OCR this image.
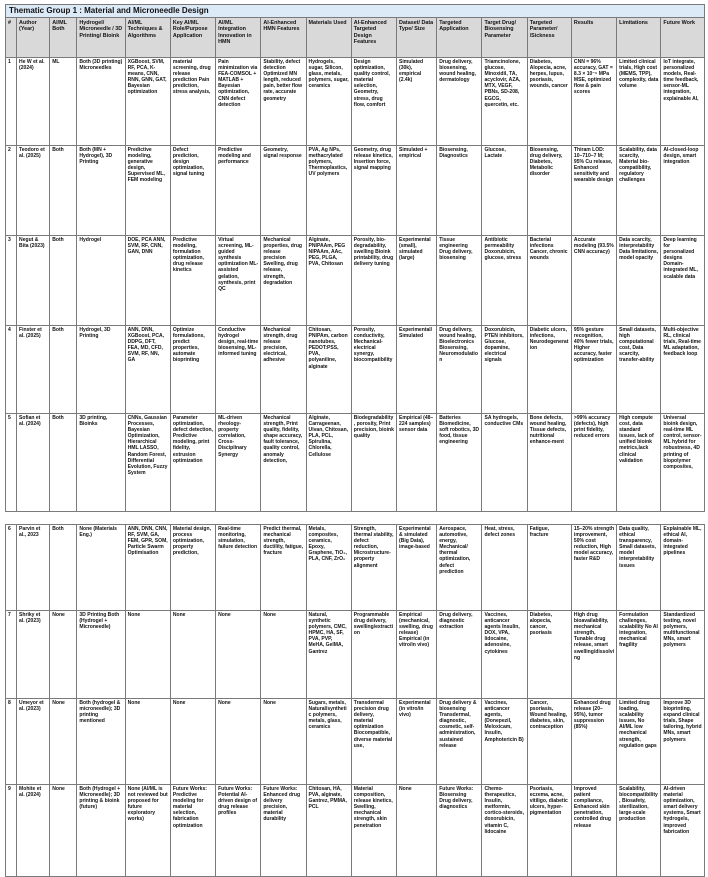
Thematic Group 1 : Material and Microneedle Design																
#	Author (Year)	AI/ML Both	Hydrogel/ Microneedle / 3D Printing/ Bioink	AI/ML Techniques & Algorithms	Key AI/ML Role/Purpose Application	AI/ML Integration Innovation in HMN	AI-Enhanced HMN Features	Materials Used	AI-Enhanced Targeted Design Features	Dataset/ Data Type/ Size	Targeted Application	Target Drug/ Biosensing Parameter	Targeted Parameter/ /Sickness	Results	Limitations	Future Work
1	He W et al. (2024)	ML	Both (3D printing) Microneedles	XGBoost, SVM, RF, PCA, K-means, CNN, RNN, GNN, GAT, Bayesian optimization	material screening, drug release prediction Pain prediction, stress analysis,	Pain minimization via FEA-COMSOL + MATLAB + Bayesian optimization, CNN defect detection	Stability, defect detection Optimized MN length, reduced pain, better flow rate, accurate geometry	Hydrogels, sugar, Silicon, glass, metals, polymers, sugar, ceramics	Design optimization, quality control, material selection, Geometry, stress, drug flow, comfort	Simulated (30k), empirical (2.4k)	Drug delivery, biosensing, wound healing, dermatology	Triamcinolone, glucose, Minoxidil, TA, acyclovir, AZA, MTX, VEGF, PBNs, SD-208, EGCG, quercetin, etc.	Diabetes, Alopecia, acne, herpes, lupus, psoriasis, wounds, cancer	CNN = 96% accuracy, GAT = 8.3 × 10⁻⁶ MPa MSE, optimized flow & pain scores	Limited clinical trials, High cost (MEMS, TPP), complexity, data volume	IoT integrate, personalized models, Real-time feedback, sensor-ML integration, explainable AI,
2	Teodoro et al. (2025)	Both	Both (MN + Hydrogel), 3D Printing	Predictive modeling, generative design, Supervised ML, FEM modeling	Defect prediction, design optimization, signal tuning	Predictive modeling and performance	Geometry, signal response	PVA, Ag NPs, methacrylated polymers, Thermoplastics, UV polymers	Geometry, drug release kinetics, Insertion force, signal mapping	Simulated + empirical	Biosensing, Diagnostics	Glucose, Lactate	Biosensing, drug delivery, Diabetes, Metabolic disorder	Thiram LOD: 10–710–7 M; 95% Cu release, Enhanced sensitivity and wearable design	Scalability, data scarcity, Material bio-compatibility, regulatory challenges	AI-closed-loop design, smart integration
3	Negut & Bita (2023)	Both	Hydrogel	DOE, PCA ANN, SVM, RF, CNN, GAN, DNN	Predictive modeling, formulation optimization, drug release kinetics	Virtual screening, ML-guided synthesis optimization ML-assisted gelation, synthesis, print QC	Mechanical properties, drug release precision Swelling, drug release, strength, degradation	Alginate, PNIPAAm, PEG NIPAAm, AAc, PEG, PLGA, PVA, Chitosan	Porosity, bio-degradability, swelling Bioink printability, drug delivery tuning	Experimental (small), simulated (large)	Tissue engineering Drug delivery, biosensing	Antibiotic permeability Doxorubicin, glucose, stress	Bacterial infections Cancer, chronic wounds	Accurate modeling (93.5% CNN accuracy)	Data scarcity, interpretability Data limitations, model opacity	Deep learning for personalized designs Domain-integrated ML, scalable data
4	Finster et al. (2025)	Both	Hydrogel, 3D Printing	ANN, DNN, XGBoost, PCA, DDPG, DFT, FEA, MD, CFD, SVM, RF, NN, GA	Optimize formulations, predict properties, automate bioprinting	Conductive hydrogel design, real-time biosensing, ML-informed tuning	Mechanical strength, drug release precision, electrical, adhesive	Chitosan, PNIPAm, carbon nanotubes, PEDOT:PSS, PVA, polyaniline, alginate	Porosity, conductivity, Mechanical-electrical synergy, biocompatibility	Experimental/ Simulated	Drug delivery, wound healing, Bioelectronics Biosensing, Neuromodulation	Doxorubicin, PTEN inhibitors, Glucose, dopamine, electrical signals	Diabetic ulcers, infections, Neurodegeneration	95% gesture recognition, 40% fewer trials, Higher accuracy, faster optimization	Small datasets, high computational cost, Data scarcity, transfer-ability	Multi-objective RL, clinical trials, Real-time ML adaptation, feedback loop
5	Sofian et al. (2024)	Both	3D printing, Bioinks	CNNs, Gaussian Processes, Bayesian Optimization, Hierarchical HML LASSO, Random Forest, Differential Evolution, Fuzzy System	Parameter optimization, defect detection, Predictive modeling, print fidelity, extrusion optimization	ML-driven rheology-property correlation, Cross-Disciplinary Synergy	Mechanical strength, Print quality, fidelity, shape accuracy, fault tolerance, quality control, anomaly detection,	Alginate, Carrageenan, Ulvan, Chitosan, PLA, PCL, Spirulina, Chlorella, Cellulose	Biodegradability, porosity, Print precision, bioink quality	Empirical (48–224 samples) sensor data	Batteries Biomedicine, soft robotics, 3D food, tissue engineering	SA hydrogels, conductive CMs	Bone defects, wound healing, Tissue defects, nutritional enhance-ment	>99% accuracy (defects), high print fidelity, reduced errors	High compute cost, data standard issues, lack of unified bioink metrics,lack clinical validation	Universal bioink design, real-time ML control, sensor-ML hybrid for robustness, 4D printing of biopolymer composites,

6	Parvin et al., 2023	Both	None (Materials Eng.)	ANN, DNN, CNN, RF, SVM, GA, FEM, GPR, SOM, Particle Swarm Optimisation	Material design, process optimization, property prediction,	Real-time monitoring, simulation, failure detection	Predict thermal, mechanical strength, ductility, fatigue, fracture	Metals, composites, ceramics, Epoxy, Graphene, TiO₂, PLA, CNF, ZrO₂	Strength, thermal stability, defect reduction, Microstructure-property alignment	Experimental & simulated (Big Data), image-based	Aerospace, automotive, energy, Mechanical/ thermal optimization, defect prediction	Heat, stress, defect zones	Fatigue, fracture	15–20% strength improvement, 50% cost reduction, High model accuracy, faster R&D	Data quality, ethical transparency, Small datasets, model interpretability issues	Explainable ML, ethical AI, domain-integrated pipelines
7	Shriky et al. (2023)	None	3D Printing Both (Hydrogel + Microneedle)	None	None	None	None	Natural, synthetic polymers, CMC, HPMC, HA, SF, PVA, PVP, MeHA, GelMA, Gantrez	Programmable drug delivery, swelling/extraction	Empirical (mechanical, swelling, drug release) Empirical (in vitro/in vivo)	Drug delivery, diagnostic extraction	Vaccines, anticancer agents Insulin, DOX, VPA, lidocaine, adenosine, cytokines	Diabetes, alopecia, cancer, psoriasis	High drug bioavailability, mechanical strength, Tunable drug release, smart swelling/dissolving	Formulation challenges, scalability No AI integration, mechanical fragility	Standardized testing, novel polymers, multifunctional MNs, smart polymers
8	Umeyor et al. (2023)	None	Both (hydrogel & microneedle); 3D printing mentioned	None	None	None	None	Sugars, metals, Natural/synthetic polymers, metals, glass, ceramics	Transdermal precision drug delivery, material optimization Biocompatible, diverse material use,	Experimental (in vitro/in vivo)	Drug delivery & biosensing Transdermal, diagnostic, cosmetic, self-administration, sustained release	Vaccines, anticancer agents, (Donepezil, Meloxicam, Insulin, Amphotericin B)	Cancer, psoriasis, Wound healing, diabetes, skin, contraception	Enhanced drug release (20–95%), tumor suppression (85%)	Limited drug loading, scalability issues, No AI/ML low mechanical strength, regulation gaps	Improve 3D bioprinting, expand clinical trials, Shape tailoring, hybrid MNs, smart polymers
9	Mohite et al. (2024)	None	Both (Hydrogel + Microneedle); 3D printing & bioink (future)	None (AI/ML is not reviewed but proposed for future exploratory works)	Future Works: Predictive modeling for material selection, fabrication optimization	Future Works: Potential AI-driven design of drug release profiles	Future Works: Enhanced drug delivery precision, material durability	Chitosan, HA, PVA, alginate, Gantrez, PMMA, PCL	Material composition, release kinetics, Swelling, mechanical strength, skin penetration	None	Future Works: Biosensing Drug delivery, diagnostics	Chemo-therapeutics, Insulin, metformin, cortico-steroids, doxorubicin, vitamin C, lidocaine	Psoriasis, eczema, acne, vitiligo, diabetic ulcers, hyper-pigmentation	Improved patient compliance, Enhanced skin penetration, controlled drug release	Scalability, biocompatibility, Biosafety, sterilization, large-scale production	AI-driven material optimization, smart delivery systems, Smart hydrogels, improved fabrication
